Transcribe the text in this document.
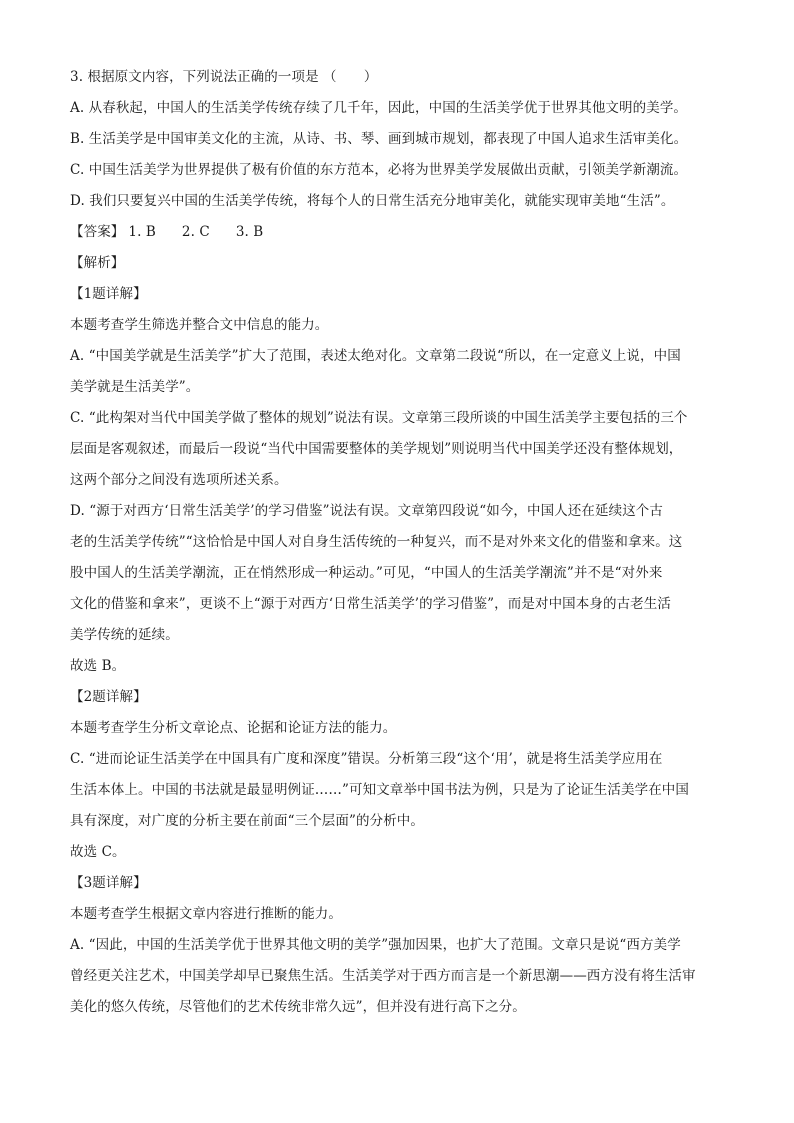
3. 根据原文内容，下列说法正确的一项是 （　　）
A. 从春秋起，中国人的生活美学传统存续了几千年，因此，中国的生活美学优于世界其他文明的美学。
B. 生活美学是中国审美文化的主流，从诗、书、琴、画到城市规划，都表现了中国人追求生活审美化。
C. 中国生活美学为世界提供了极有价值的东方范本，必将为世界美学发展做出贡献，引领美学新潮流。
D. 我们只要复兴中国的生活美学传统，将每个人的日常生活充分地审美化，就能实现审美地“生活”。
【答案】 1. B 2. C 3. B
【解析】
【1题详解】
本题考查学生筛选并整合文中信息的能力。
A. “中国美学就是生活美学”扩大了范围，表述太绝对化。文章第二段说“所以，在一定意义上说，中国
美学就是生活美学”。
C. “此构架对当代中国美学做了整体的规划”说法有误。文章第三段所谈的中国生活美学主要包括的三个
层面是客观叙述，而最后一段说“当代中国需要整体的美学规划”则说明当代中国美学还没有整体规划，
这两个部分之间没有选项所述关系。
D. “源于对西方‘日常生活美学’的学习借鉴”说法有误。文章第四段说“如今，中国人还在延续这个古
老的生活美学传统”“这恰恰是中国人对自身生活传统的一种复兴，而不是对外来文化的借鉴和拿来。这
股中国人的生活美学潮流，正在悄然形成一种运动。”可见，“中国人的生活美学潮流”并不是“对外来
文化的借鉴和拿来”，更谈不上“源于对西方‘日常生活美学’的学习借鉴”，而是对中国本身的古老生活
美学传统的延续。
故选 B。
【2题详解】
本题考查学生分析文章论点、论据和论证方法的能力。
C. “进而论证生活美学在中国具有广度和深度”错误。分析第三段“这个‘用’，就是将生活美学应用在
生活本体上。中国的书法就是最显明例证……”可知文章举中国书法为例，只是为了论证生活美学在中国
具有深度，对广度的分析主要在前面“三个层面”的分析中。
故选 C。
【3题详解】
本题考查学生根据文章内容进行推断的能力。
A. “因此，中国的生活美学优于世界其他文明的美学”强加因果，也扩大了范围。文章只是说“西方美学
曾经更关注艺术，中国美学却早已聚焦生活。生活美学对于西方而言是一个新思潮——西方没有将生活审
美化的悠久传统，尽管他们的艺术传统非常久远”，但并没有进行高下之分。
